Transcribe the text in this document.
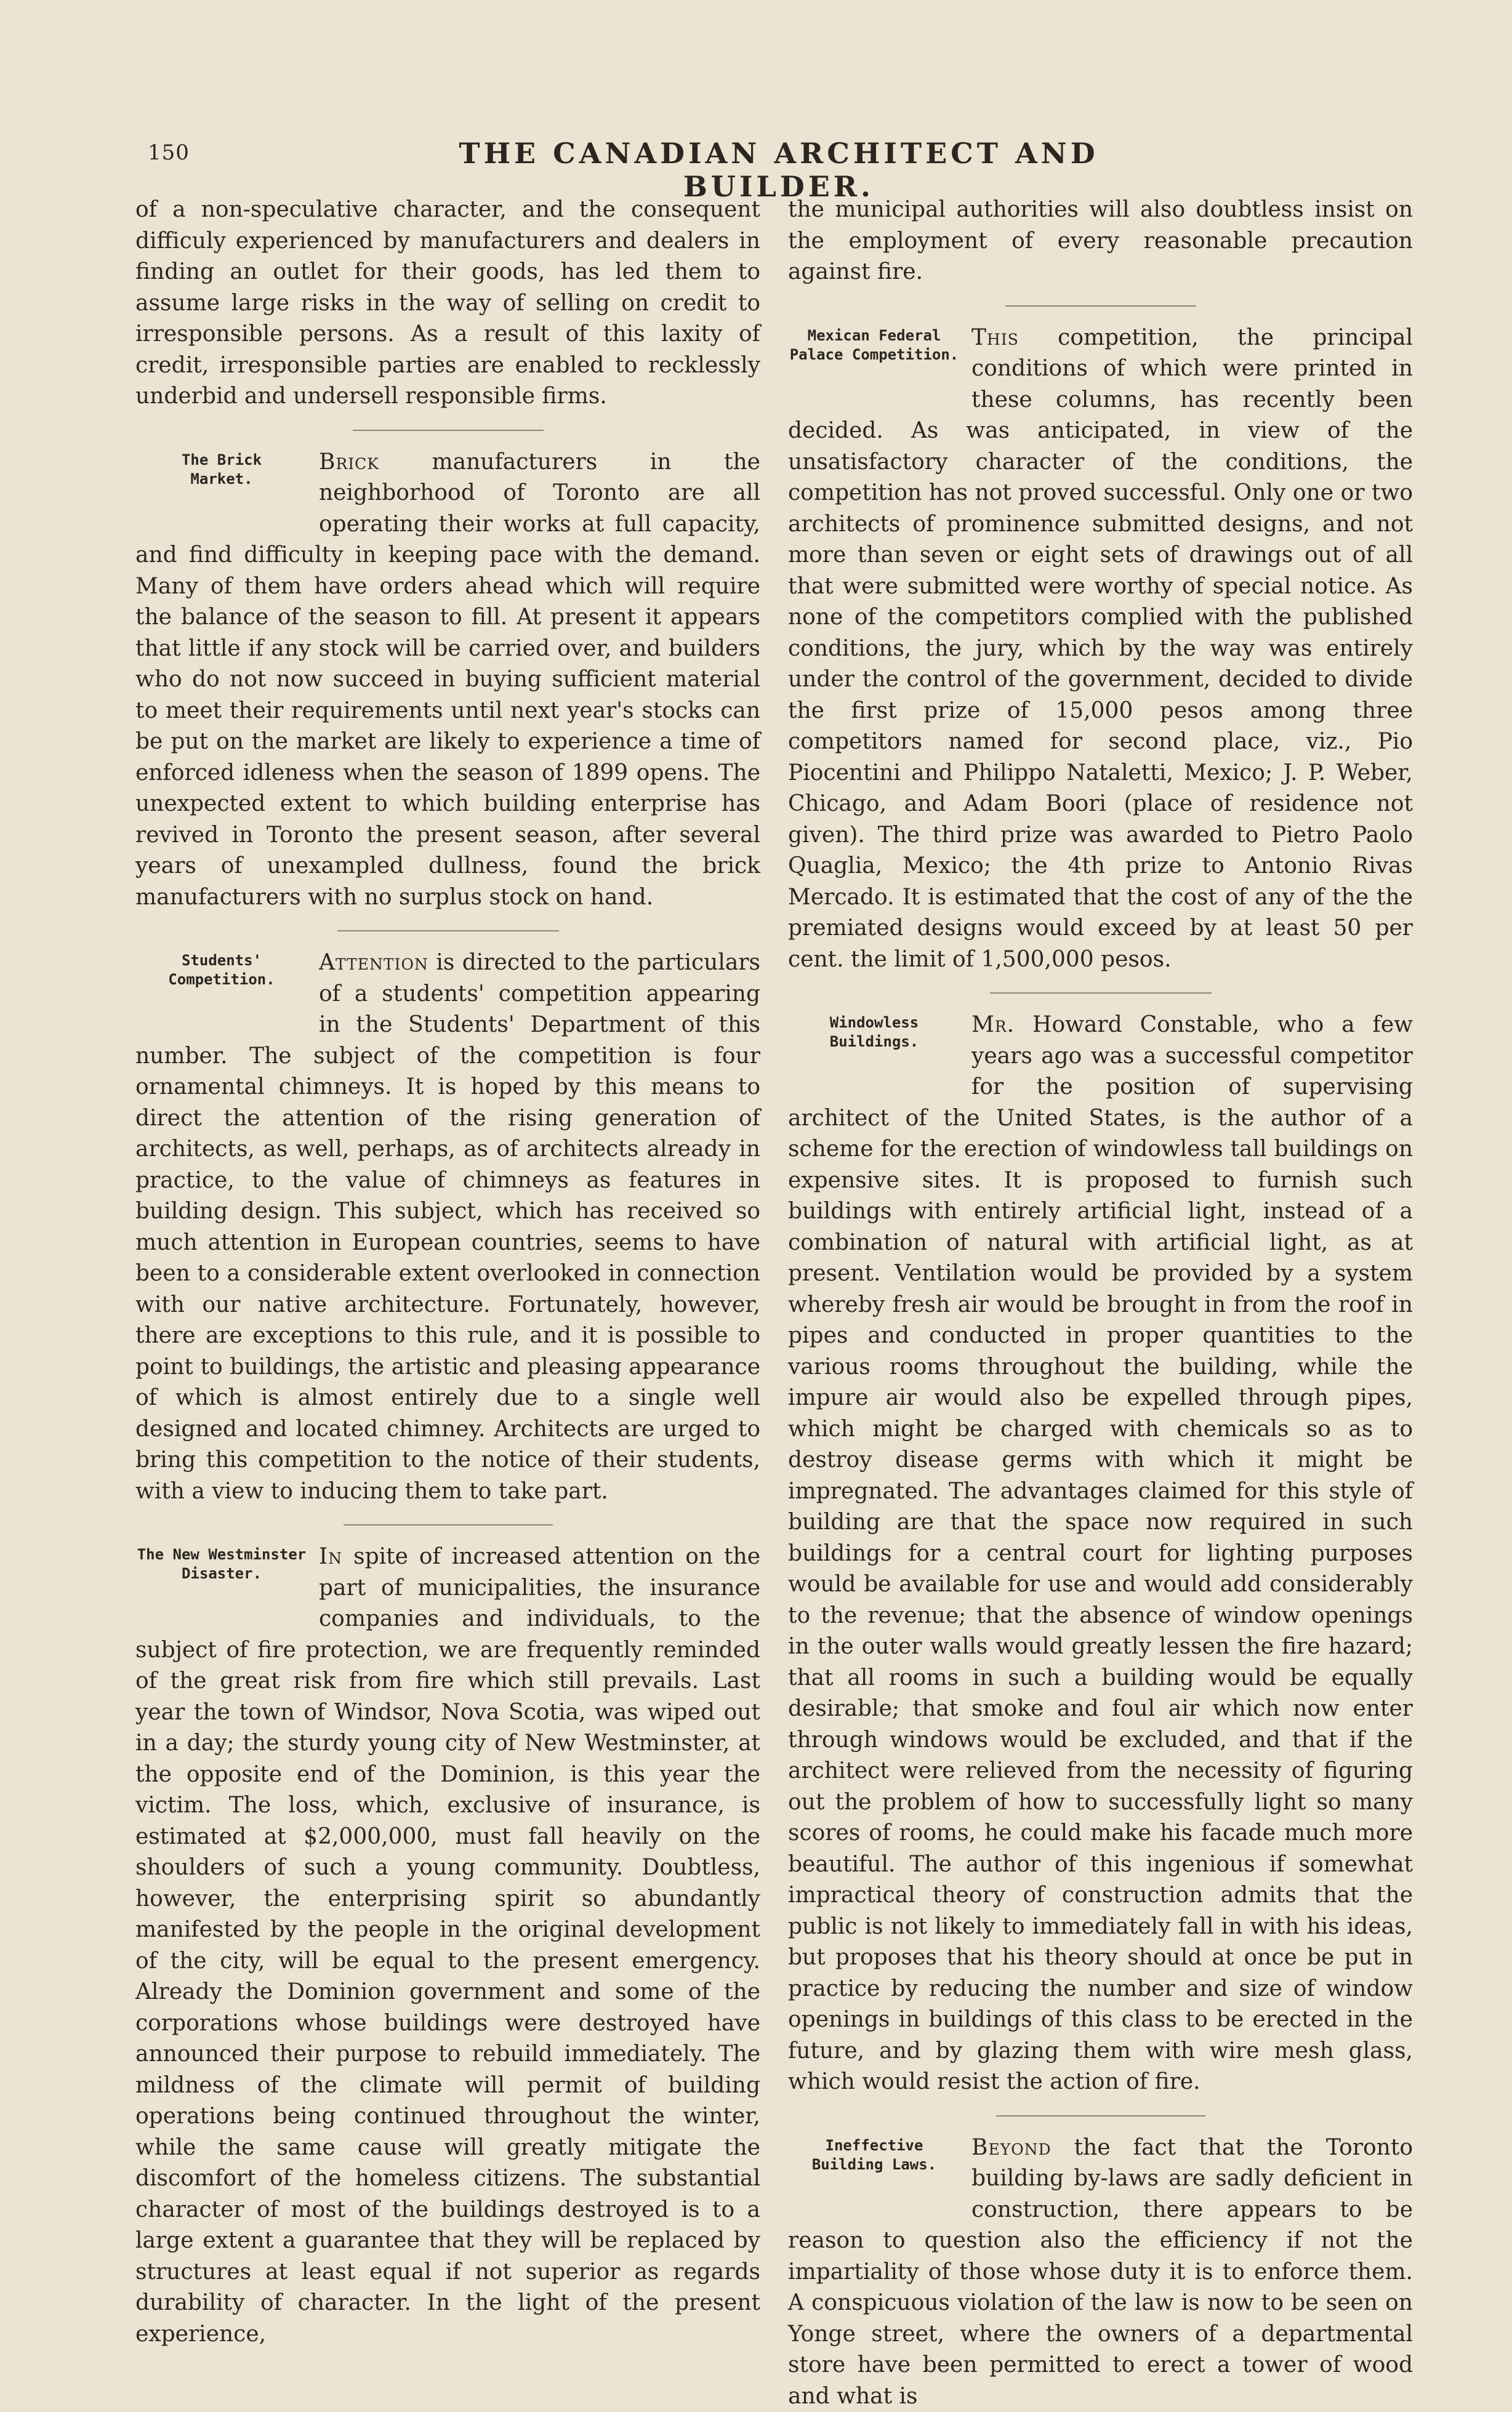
150	THE CANADIAN ARCHITECT AND BUILDER.

of a non-speculative character, and the consequent difficuly experienced by manufacturers and dealers in finding an outlet for their goods, has led them to assume large risks in the way of selling on credit to irresponsible persons. As a result of this laxity of credit, irresponsible parties are enabled to recklessly underbid and undersell responsible firms.

The Brick
Market.

Brick manufacturers in the neighborhood of Toronto are all operating their works at full capacity, and find difficulty in keeping pace with the demand. Many of them have orders ahead which will require the balance of the season to fill. At present it appears that little if any stock will be carried over, and builders who do not now succeed in buying sufficient material to meet their requirements until next year's stocks can be put on the market are likely to experience a time of enforced idleness when the season of 1899 opens. The unexpected extent to which building enterprise has revived in Toronto the present season, after several years of unexampled dullness, found the brick manufacturers with no surplus stock on hand.

Students'
Competition.

Attention is directed to the particulars of a students' competition appearing in the Students' Department of this number. The subject of the competition is four ornamental chimneys. It is hoped by this means to direct the attention of the rising generation of architects, as well, perhaps, as of architects already in practice, to the value of chimneys as features in building design. This subject, which has received so much attention in European countries, seems to have been to a considerable extent overlooked in connection with our native architecture. Fortunately, however, there are exceptions to this rule, and it is possible to point to buildings, the artistic and pleasing appearance of which is almost entirely due to a single well designed and located chimney. Architects are urged to bring this competition to the notice of their students, with a view to inducing them to take part.

The New Westminster
Disaster.

In spite of increased attention on the part of municipalities, the insurance companies and individuals, to the subject of fire protection, we are frequently reminded of the great risk from fire which still prevails. Last year the town of Windsor, Nova Scotia, was wiped out in a day; the sturdy young city of New Westminster, at the opposite end of the Dominion, is this year the victim. The loss, which, exclusive of insurance, is estimated at $2,000,000, must fall heavily on the shoulders of such a young community. Doubtless, however, the enterprising spirit so abundantly manifested by the people in the original development of the city, will be equal to the present emergency. Already the Dominion government and some of the corporations whose buildings were destroyed have announced their purpose to rebuild immediately. The mildness of the climate will permit of building operations being continued throughout the winter, while the same cause will greatly mitigate the discomfort of the homeless citizens. The substantial character of most of the buildings destroyed is to a large extent a guarantee that they will be replaced by structures at least equal if not superior as regards durability of character. In the light of the present experience,

the municipal authorities will also doubtless insist on the employment of every reasonable precaution against fire.

Mexican Federal
Palace Competition.

This competition, the principal conditions of which were printed in these columns, has recently been decided. As was anticipated, in view of the unsatisfactory character of the conditions, the competition has not proved successful. Only one or two architects of prominence submitted designs, and not more than seven or eight sets of drawings out of all that were submitted were worthy of special notice. As none of the competitors complied with the published conditions, the jury, which by the way was entirely under the control of the government, decided to divide the first prize of 15,000 pesos among three competitors named for second place, viz., Pio Piocentini and Philippo Nataletti, Mexico; J. P. Weber, Chicago, and Adam Boori (place of residence not given). The third prize was awarded to Pietro Paolo Quaglia, Mexico; the 4th prize to Antonio Rivas Mercado. It is estimated that the cost of any of the the premiated designs would exceed by at least 50 per cent. the limit of 1,500,000 pesos.

Windowless
Buildings.

Mr. Howard Constable, who a few years ago was a successful competitor for the position of supervising architect of the United States, is the author of a scheme for the erection of windowless tall buildings on expensive sites. It is proposed to furnish such buildings with entirely artificial light, instead of a combination of natural with artificial light, as at present. Ventilation would be provided by a system whereby fresh air would be brought in from the roof in pipes and conducted in proper quantities to the various rooms throughout the building, while the impure air would also be expelled through pipes, which might be charged with chemicals so as to destroy disease germs with which it might be impregnated. The advantages claimed for this style of building are that the space now required in such buildings for a central court for lighting purposes would be available for use and would add considerably to the revenue; that the absence of window openings in the outer walls would greatly lessen the fire hazard; that all rooms in such a building would be equally desirable; that smoke and foul air which now enter through windows would be excluded, and that if the architect were relieved from the necessity of figuring out the problem of how to successfully light so many scores of rooms, he could make his facade much more beautiful. The author of this ingenious if somewhat impractical theory of construction admits that the public is not likely to immediately fall in with his ideas, but proposes that his theory should at once be put in practice by reducing the number and size of window openings in buildings of this class to be erected in the future, and by glazing them with wire mesh glass, which would resist the action of fire.

Ineffective
Building Laws.

Beyond the fact that the Toronto building by-laws are sadly deficient in construction, there appears to be reason to question also the efficiency if not the impartiality of those whose duty it is to enforce them. A conspicuous violation of the law is now to be seen on Yonge street, where the owners of a departmental store have been permitted to erect a tower of wood and what is
